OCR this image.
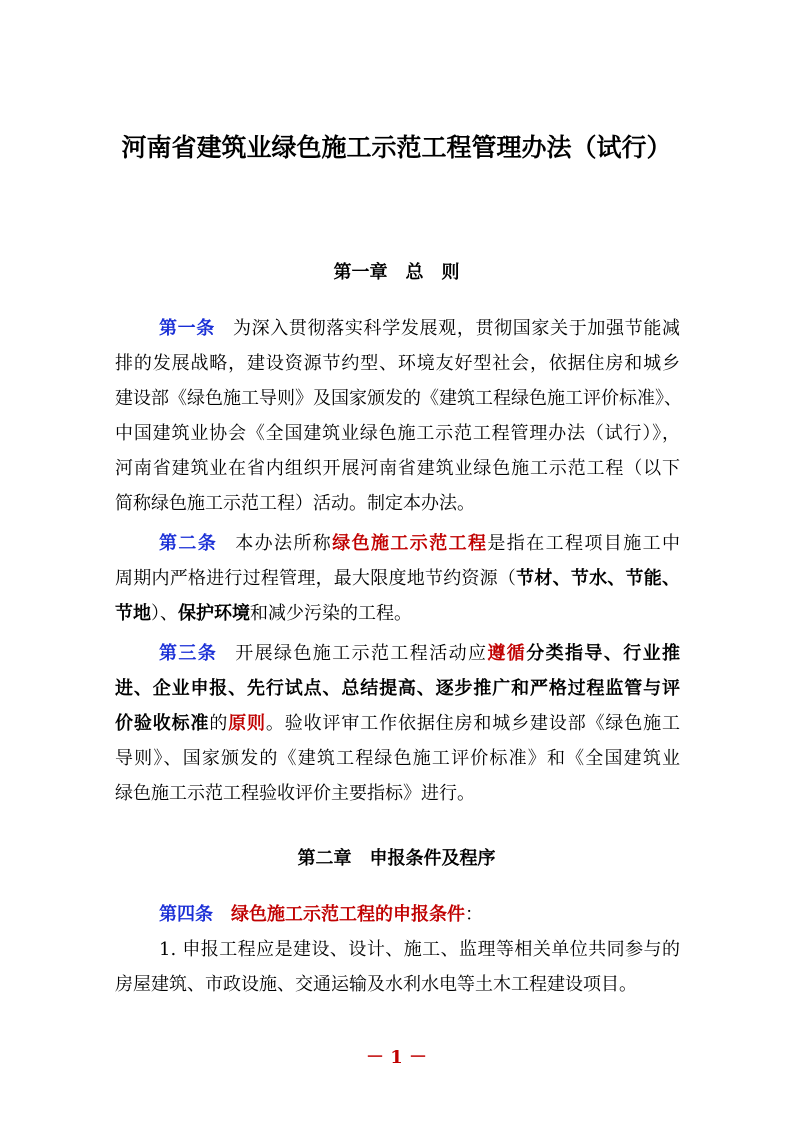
河南省建筑业绿色施工示范工程管理办法（试行）
第一章　总　则
第一条 为深入贯彻落实科学发展观，贯彻国家关于加强节能减
排的发展战略，建设资源节约型、环境友好型社会，依据住房和城乡
建设部《绿色施工导则》及国家颁发的《建筑工程绿色施工评价标准》、
中国建筑业协会《全国建筑业绿色施工示范工程管理办法（试行）》，
河南省建筑业在省内组织开展河南省建筑业绿色施工示范工程（以下
简称绿色施工示范工程）活动。制定本办法。
第二条 本办法所称绿色施工示范工程是指在工程项目施工中
周期内严格进行过程管理，最大限度地节约资源（节材、节水、节能、
节地）、保护环境和减少污染的工程。
第三条 开展绿色施工示范工程活动应遵循分类指导、行业推
进、企业申报、先行试点、总结提高、逐步推广和严格过程监管与评
价验收标准的原则。验收评审工作依据住房和城乡建设部《绿色施工
导则》、国家颁发的《建筑工程绿色施工评价标准》和《全国建筑业
绿色施工示范工程验收评价主要指标》进行。
第二章　申报条件及程序
第四条 绿色施工示范工程的申报条件：
1. 申报工程应是建设、设计、施工、监理等相关单位共同参与的
房屋建筑、市政设施、交通运输及水利水电等土木工程建设项目。
－ 1 －
